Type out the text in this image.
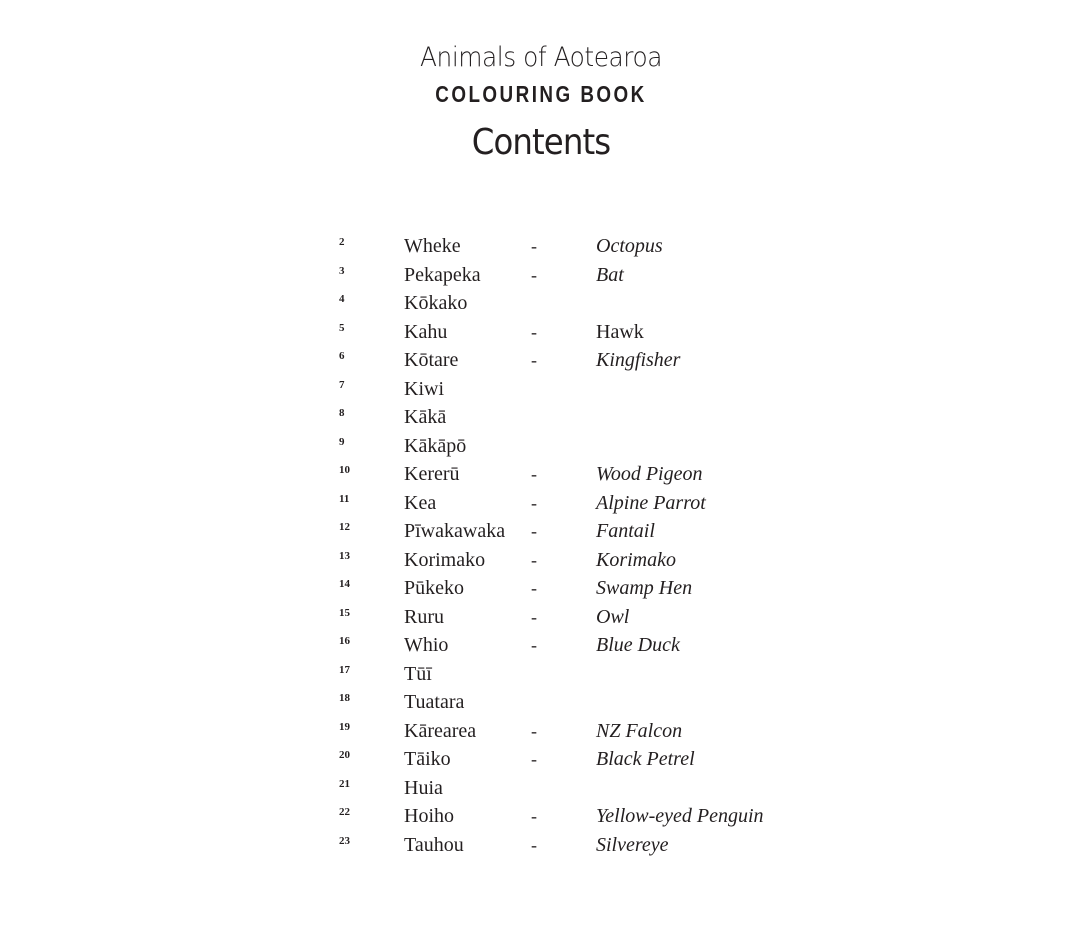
Animals of Aotearoa
COLOURING BOOK
Contents
2	Wheke	-	Octopus
3	Pekapeka	-	Bat
4	Kōkako
5	Kahu	-	Hawk
6	Kōtare	-	Kingfisher
7	Kiwi
8	Kākā
9	Kākāpō
10	Kererū	-	Wood Pigeon
11	Kea	-	Alpine Parrot
12	Pīwakawaka -	Fantail
13	Korimako	-	Korimako
14	Pūkeko	-	Swamp Hen
15	Ruru	-	Owl
16	Whio	-	Blue Duck
17	Tūī
18	Tuatara
19	Kārearea	-	NZ Falcon
20	Tāiko	-	Black Petrel
21	Huia
22	Hoiho	-	Yellow-eyed Penguin
23	Tauhou	-	Silvereye
